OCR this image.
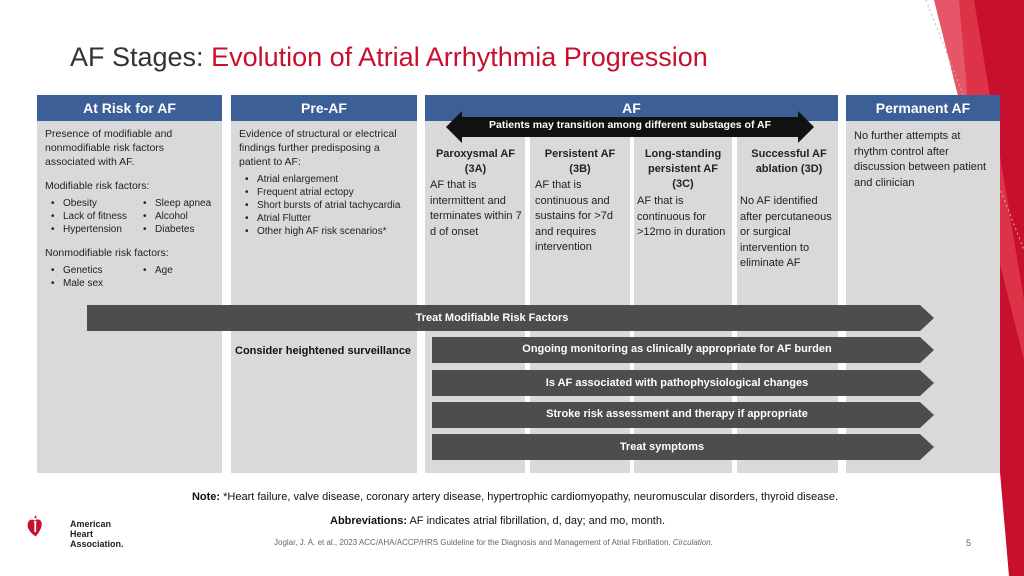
AF Stages: Evolution of Atrial Arrhythmia Progression
At Risk for AF

Presence of modifiable and nonmodifiable risk factors associated with AF.

Modifiable risk factors:

• Obesity	• Sleep apnea
• Lack of fitness	• Alcohol
• Hypertension	• Diabetes

Nonmodifiable risk factors:

• Genetics	• Age
• Male sex
Pre-AF

Evidence of structural or electrical findings further predisposing a patient to AF:

• Atrial enlargement
• Frequent atrial ectopy
• Short bursts of atrial tachycardia
• Atrial Flutter
• Other high AF risk scenarios*
AF
Patients may transition among different substages of AF
Paroxysmal AF (3A)
AF that is intermittent and terminates within 7 d of onset
Persistent AF (3B)
AF that is continuous and sustains for >7d and requires intervention
Long-standing persistent AF (3C)
AF that is continuous for >12mo in duration
Successful AF ablation (3D)
No AF identified after percutaneous or surgical intervention to eliminate AF
Permanent AF

No further attempts at rhythm control after discussion between patient and clinician

Treat Modifiable Risk Factors
Consider heightened surveillance	Ongoing monitoring as clinically appropriate for AF burden
Is AF associated with pathophysiological changes
Stroke risk assessment and therapy if appropriate
Treat symptoms
Note: *Heart failure, valve disease, coronary artery disease, hypertrophic cardiomyopathy, neuromuscular disorders, thyroid disease.
Abbreviations: AF indicates atrial fibrillation, d, day; and mo, month.
Joglar, J. A. et al., 2023 ACC/AHA/ACCP/HRS Guideline for the Diagnosis and Management of Atrial Fibrillation. Circulation.	5
American
Heart
Association.
